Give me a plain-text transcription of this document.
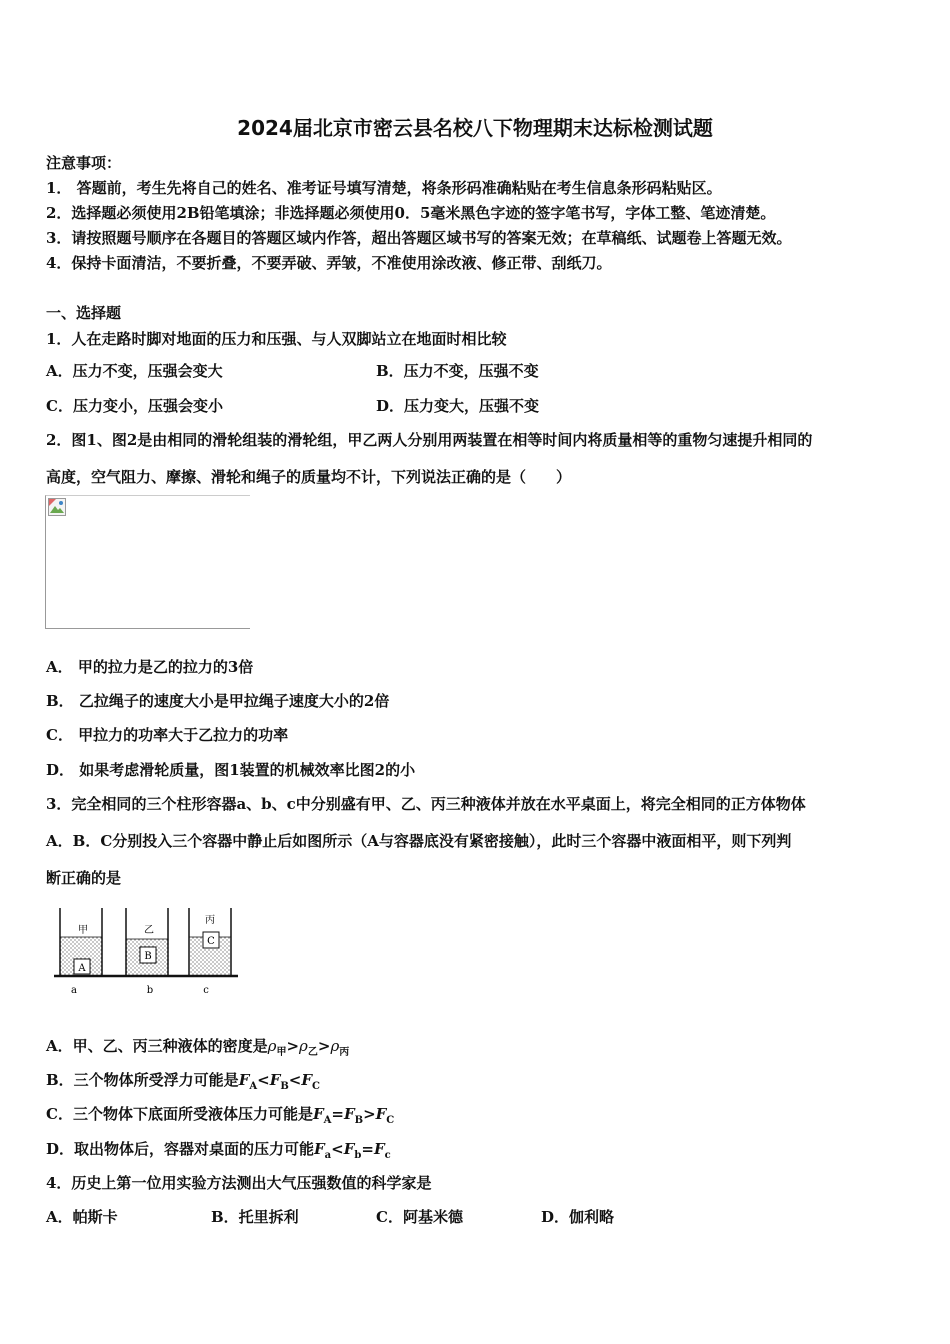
2024届北京市密云县名校八下物理期末达标检测试题
注意事项：
1． 答题前，考生先将自己的姓名、准考证号填写清楚，将条形码准确粘贴在考生信息条形码粘贴区。
2．选择题必须使用2B铅笔填涂；非选择题必须使用0．5毫米黑色字迹的签字笔书写，字体工整、笔迹清楚。
3．请按照题号顺序在各题目的答题区域内作答，超出答题区域书写的答案无效；在草稿纸、试题卷上答题无效。
4．保持卡面清洁，不要折叠，不要弄破、弄皱，不准使用涂改液、修正带、刮纸刀。
一、选择题
1．人在走路时脚对地面的压力和压强、与人双脚站立在地面时相比较
A．压力不变，压强会变大	B．压力不变，压强不变
C．压力变小，压强会变小	D．压力变大，压强不变
2．图1、图2是由相同的滑轮组装的滑轮组，甲乙两人分别用两装置在相等时间内将质量相等的重物匀速提升相同的
高度，空气阻力、摩擦、滑轮和绳子的质量均不计，下列说法正确的是（　　）
A． 甲的拉力是乙的拉力的3倍
B． 乙拉绳子的速度大小是甲拉绳子速度大小的2倍
C． 甲拉力的功率大于乙拉力的功率
D． 如果考虑滑轮质量，图1装置的机械效率比图2的小
3．完全相同的三个柱形容器a、b、c中分别盛有甲、乙、丙三种液体并放在水平桌面上，将完全相同的正方体物体
A．B．C分别投入三个容器中静止后如图所示（A与容器底没有紧密接触），此时三个容器中液面相平，则下列判
断正确的是
A
甲
B
乙
C
丙
a	b	c
A．甲、乙、丙三种液体的密度是$\rho_甲>\rho_乙>\rho_丙$
B．三个物体所受浮力可能是$F_A<F_B<F_C$
C．三个物体下底面所受液体压力可能是$F_A=F_B>F_C$
D．取出物体后，容器对桌面的压力可能$F_a<F_b=F_c$
4．历史上第一位用实验方法测出大气压强数值的科学家是
A．帕斯卡	B．托里拆利	C．阿基米德	D．伽利略
